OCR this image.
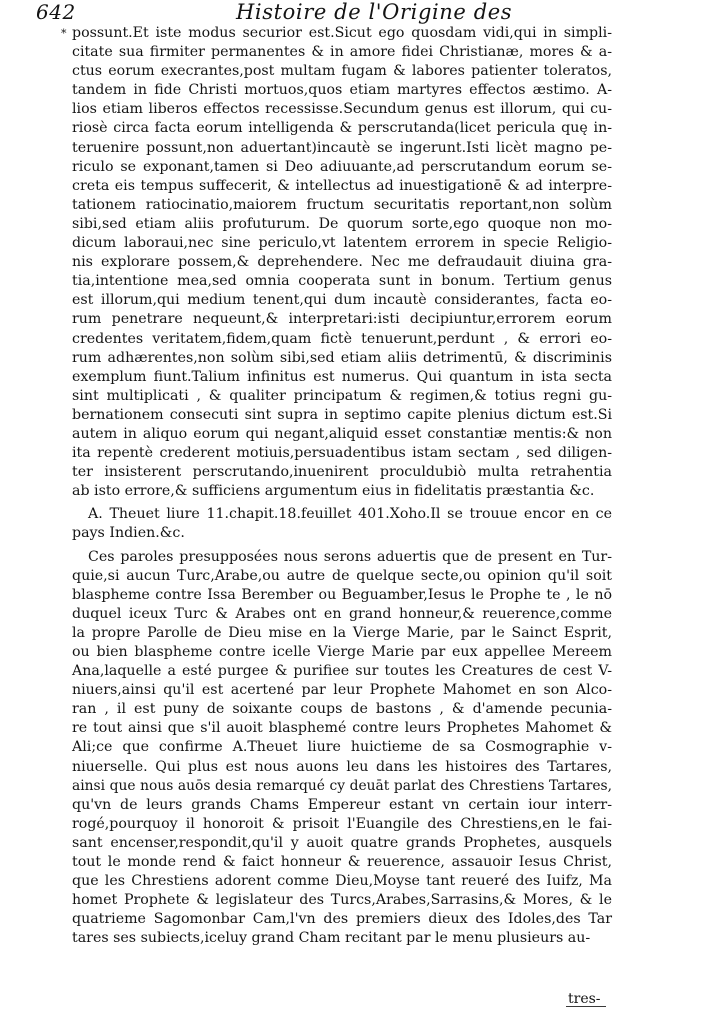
642	Histoire de l'Origine des
possunt.Et iste modus securior est.Sicut ego quosdam vidi,qui in simpli-
*
citate sua firmiter permanentes & in amore fidei Christianæ, mores & a-
ctus eorum execrantes,post multam fugam & labores patienter toleratos,
tandem in fide Christi mortuos,quos etiam martyres effectos æstimo. A-
lios etiam liberos effectos recessisse.Secundum genus est illorum, qui cu-
riosè circa facta eorum intelligenda & perscrutanda(licet pericula quę in-
teruenire possunt,non aduertant)incautè se ingerunt.Isti licèt magno pe-
riculo se exponant,tamen si Deo adiuuante,ad perscrutandum eorum se-
creta eis tempus suffecerit, & intellectus ad inuestigationē & ad interpre-
tationem ratiocinatio,maiorem fructum securitatis reportant,non solùm
sibi,sed etiam aliis profuturum. De quorum sorte,ego quoque non mo-
dicum laboraui,nec sine periculo,vt latentem errorem in specie Religio-
nis explorare possem,& deprehendere. Nec me defraudauit diuina gra-
tia,intentione mea,sed omnia cooperata sunt in bonum. Tertium genus
est illorum,qui medium tenent,qui dum incautè considerantes, facta eo-
rum penetrare nequeunt,& interpretari:isti decipiuntur,errorem eorum
credentes veritatem,fidem,quam fictè tenuerunt,perdunt , & errori eo-
rum adhærentes,non solùm sibi,sed etiam aliis detrimentū, & discriminis
exemplum fiunt.Talium infinitus est numerus. Qui quantum in ista secta
sint multiplicati , & qualiter principatum & regimen,& totius regni gu-
bernationem consecuti sint supra in septimo capite plenius dictum est.Si
autem in aliquo eorum qui negant,aliquid esset constantiæ mentis:& non
ita repentè crederent motiuis,persuadentibus istam sectam , sed diligen-
ter insisterent perscrutando,inuenirent proculdubiò multa retrahentia
ab isto errore,& sufficiens argumentum eius in fidelitatis præstantia &c.
A. Theuet liure 11.chapit.18.feuillet 401.Xoho.Il se trouue encor en ce
pays Indien.&c.
Ces paroles presupposées nous serons aduertis que de present en Tur-
quie,si aucun Turc,Arabe,ou autre de quelque secte,ou opinion qu'il soit
blaspheme contre Issa Berember ou Beguamber,Iesus le Prophe te , le nō
duquel iceux Turc & Arabes ont en grand honneur,& reuerence,comme
la propre Parolle de Dieu mise en la Vierge Marie, par le Sainct Esprit,
ou bien blaspheme contre icelle Vierge Marie par eux appellee Mereem
Ana,laquelle a esté purgee & purifiee sur toutes les Creatures de cest V-
niuers,ainsi qu'il est acertené par leur Prophete Mahomet en son Alco-
ran , il est puny de soixante coups de bastons , & d'amende pecunia-
re tout ainsi que s'il auoit blasphemé contre leurs Prophetes Mahomet &
Ali;ce que confirme A.Theuet liure huictieme de sa Cosmographie v-
niuerselle. Qui plus est nous auons leu dans les histoires des Tartares,
ainsi que nous auōs desia remarqué cy deuāt parlat des Chrestiens Tartares,
qu'vn de leurs grands Chams Empereur estant vn certain iour interr-
rogé,pourquoy il honoroit & prisoit l'Euangile des Chrestiens,en le fai-
sant encenser,respondit,qu'il y auoit quatre grands Prophetes, ausquels
tout le monde rend & faict honneur & reuerence, assauoir Iesus Christ,
que les Chrestiens adorent comme Dieu,Moyse tant reueré des Iuifz, Ma
homet Prophete & legislateur des Turcs,Arabes,Sarrasins,& Mores, & le
quatrieme Sagomonbar Cam,l'vn des premiers dieux des Idoles,des Tar
tares ses subiects,iceluy grand Cham recitant par le menu plusieurs au-
tres-
